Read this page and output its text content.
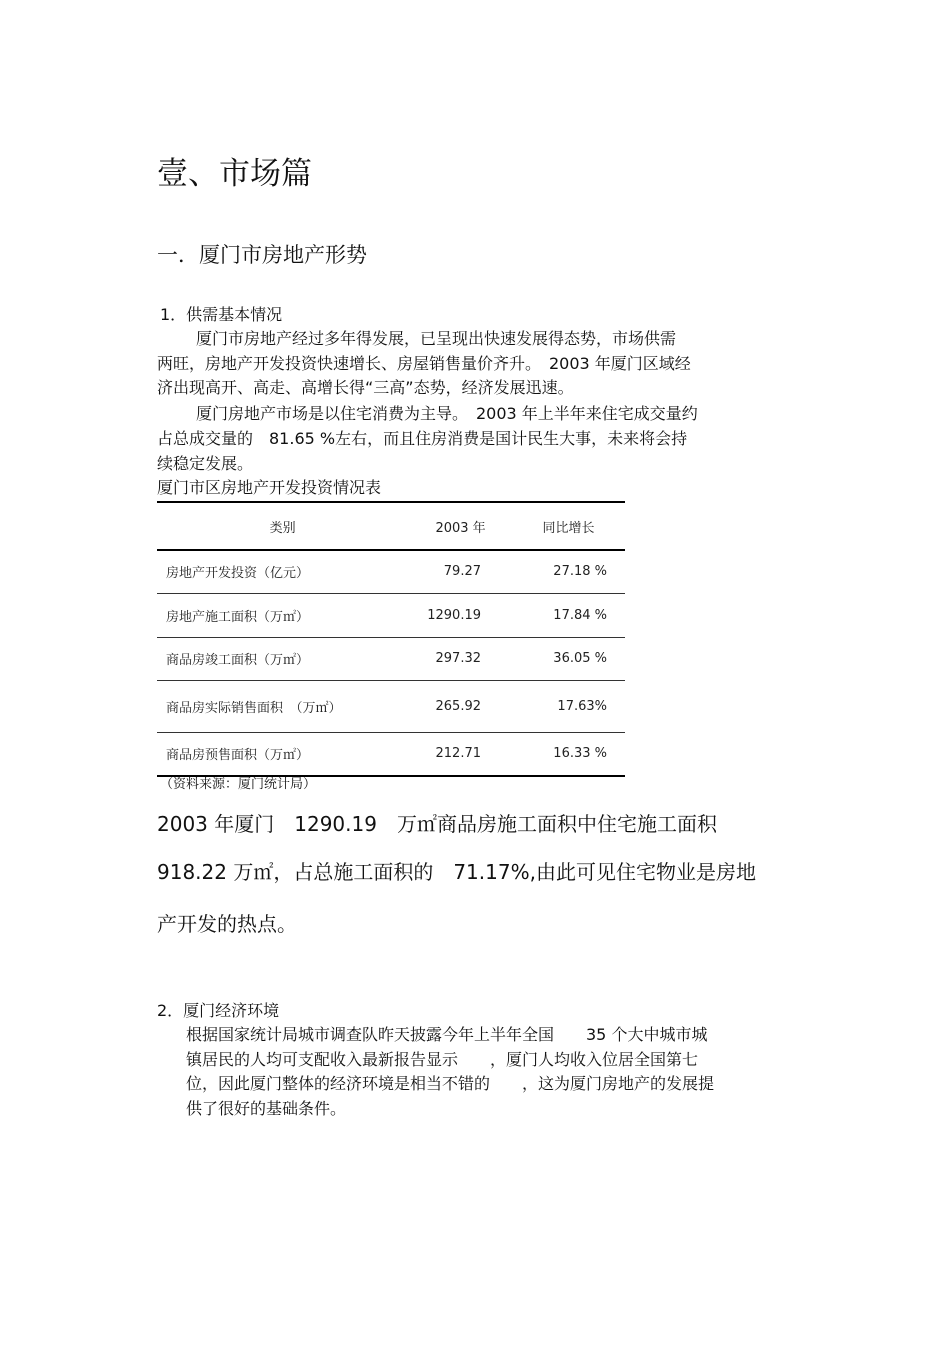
壹、市场篇
一．厦门市房地产形势
1．供需基本情况
厦门市房地产经过多年得发展，已呈现出快速发展得态势，市场供需
两旺，房地产开发投资快速增长、房屋销售量价齐升。　2003 年厦门区域经
济出现高开、高走、高增长得“三高”态势，经济发展迅速。
厦门房地产市场是以住宅消费为主导。　2003 年上半年来住宅成交量约
占总成交量的　81.65 %左右，而且住房消费是国计民生大事，未来将会持
续稳定发展。
厦门市区房地产开发投资情况表
类别	2003 年	同比增长
房地产开发投资（亿元）	79.27	27.18 %
房地产施工面积（万㎡）	1290.19	17.84 %
商品房竣工面积（万㎡）	297.32	36.05 %
商品房实际销售面积　（万㎡）	265.92	17.63%
商品房预售面积（万㎡）	212.71	16.33 %
（资料来源：厦门统计局）
2003 年厦门　1290.19　万㎡商品房施工面积中住宅施工面积
918.22 万㎡，占总施工面积的　71.17%,由此可见住宅物业是房地
产开发的热点。
2．厦门经济环境
根据国家统计局城市调查队昨天披露今年上半年全国　　35 个大中城市城
镇居民的人均可支配收入最新报告显示　　，厦门人均收入位居全国第七
位，因此厦门整体的经济环境是相当不错的　　，这为厦门房地产的发展提
供了很好的基础条件。
